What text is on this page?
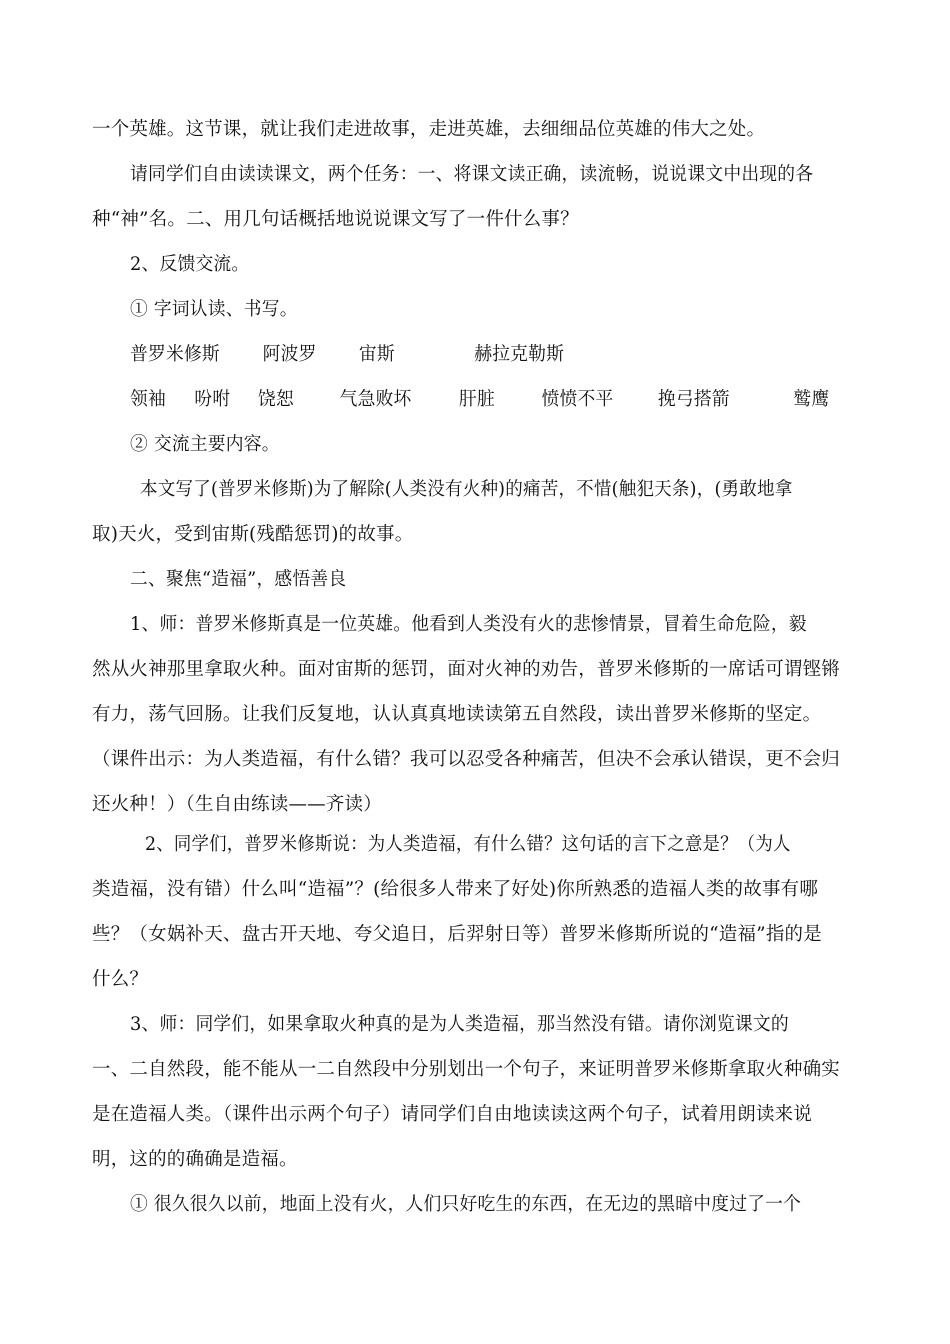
一个英雄。这节课，就让我们走进故事，走进英雄，去细细品位英雄的伟大之处。
请同学们自由读读课文，两个任务：一、将课文读正确，读流畅，说说课文中出现的各
种“神”名。二、用几句话概括地说说课文写了一件什么事？
2、反馈交流。
① 字词认读、书写。
普罗米修斯 阿波罗 宙斯	赫拉克勒斯
领袖 吩咐 饶恕 气急败坏	肝脏	愤愤不平 挽弓搭箭	鹫鹰
② 交流主要内容。
本文写了(普罗米修斯)为了解除(人类没有火种)的痛苦，不惜(触犯天条)，(勇敢地拿
取)天火，受到宙斯(残酷惩罚)的故事。
二、聚焦“造福”，感悟善良
1、师：普罗米修斯真是一位英雄。他看到人类没有火的悲惨情景，冒着生命危险，毅
然从火神那里拿取火种。面对宙斯的惩罚，面对火神的劝告，普罗米修斯的一席话可谓铿锵
有力，荡气回肠。让我们反复地，认认真真地读读第五自然段，读出普罗米修斯的坚定。
（课件出示：为人类造福，有什么错？我可以忍受各种痛苦，但决不会承认错误，更不会归
还火种！）（生自由练读——齐读）
2、同学们，普罗米修斯说：为人类造福，有什么错？这句话的言下之意是？（为人
类造福，没有错）什么叫“造福”？(给很多人带来了好处)你所熟悉的造福人类的故事有哪
些？（女娲补天、盘古开天地、夸父追日，后羿射日等）普罗米修斯所说的“造福”指的是
什么？
3、师：同学们，如果拿取火种真的是为人类造福，那当然没有错。请你浏览课文的
一、二自然段，能不能从一二自然段中分别划出一个句子，来证明普罗米修斯拿取火种确实
是在造福人类。（课件出示两个句子）请同学们自由地读读这两个句子，试着用朗读来说
明，这的的确确是造福。
① 很久很久以前，地面上没有火，人们只好吃生的东西，在无边的黑暗中度过了一个
